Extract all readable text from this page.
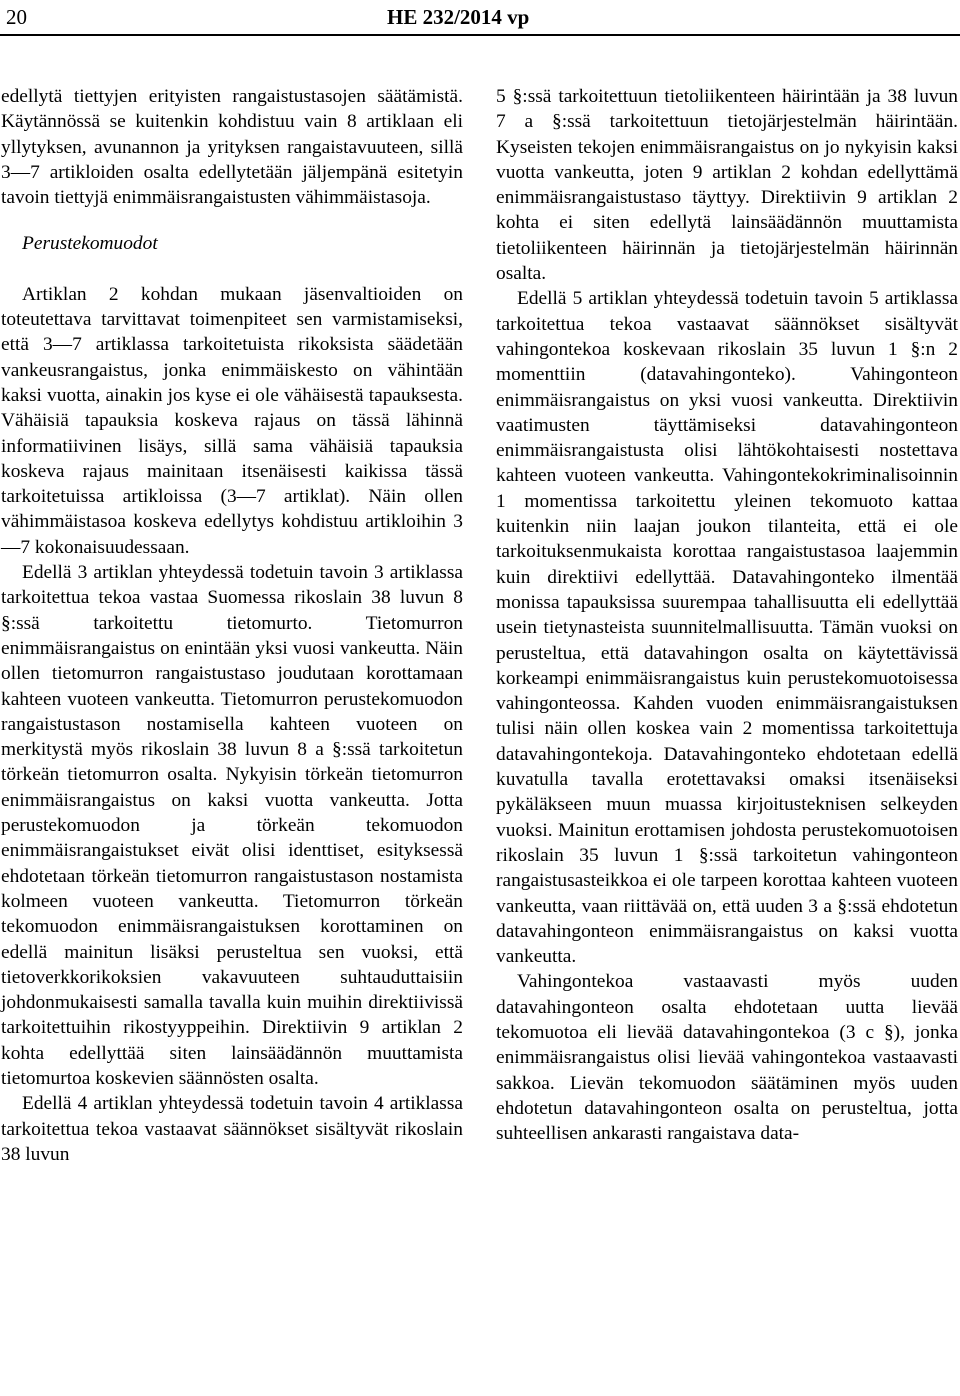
20	HE 232/2014 vp

edellytä tiettyjen erityisten rangaistustasojen säätämistä. Käytännössä se kuitenkin kohdistuu vain 8 artiklaan eli yllytyksen, avunannon ja yrityksen rangaistavuuteen, sillä 3—7 artikloiden osalta edellytetään jäljempänä esitetyin tavoin tiettyjä enimmäisrangaistusten vähimmäistasoja.

Perustekomuodot

Artiklan 2 kohdan mukaan jäsenvaltioiden on toteutettava tarvittavat toimenpiteet sen varmistamiseksi, että 3—7 artiklassa tarkoitetuista rikoksista säädetään vankeusrangaistus, jonka enimmäiskesto on vähintään kaksi vuotta, ainakin jos kyse ei ole vähäisestä tapauksesta. Vähäisiä tapauksia koskeva rajaus on tässä lähinnä informatiivinen lisäys, sillä sama vähäisiä tapauksia koskeva rajaus mainitaan itsenäisesti kaikissa tässä tarkoitetuissa artikloissa (3—7 artiklat). Näin ollen vähimmäistasoa koskeva edellytys kohdistuu artikloihin 3—7 kokonaisuudessaan.

Edellä 3 artiklan yhteydessä todetuin tavoin 3 artiklassa tarkoitettua tekoa vastaa Suomessa rikoslain 38 luvun 8 §:ssä tarkoitettu tietomurto. Tietomurron enimmäisrangaistus on enintään yksi vuosi vankeutta. Näin ollen tietomurron rangaistustaso joudutaan korottamaan kahteen vuoteen vankeutta. Tietomurron perustekomuodon rangaistustason nostamisella kahteen vuoteen on merkitystä myös rikoslain 38 luvun 8 a §:ssä tarkoitetun törkeän tietomurron osalta. Nykyisin törkeän tietomurron enimmäisrangaistus on kaksi vuotta vankeutta. Jotta perustekomuodon ja törkeän tekomuodon enimmäisrangaistukset eivät olisi identtiset, esityksessä ehdotetaan törkeän tietomurron rangaistustason nostamista kolmeen vuoteen vankeutta. Tietomurron törkeän tekomuodon enimmäisrangaistuksen korottaminen on edellä mainitun lisäksi perusteltua sen vuoksi, että tietoverkkorikoksien vakavuuteen suhtauduttaisiin johdonmukaisesti samalla tavalla kuin muihin direktiivissä tarkoitettuihin rikostyyppeihin. Direktiivin 9 artiklan 2 kohta edellyttää siten lainsäädännön muuttamista tietomurtoa koskevien säännösten osalta.

Edellä 4 artiklan yhteydessä todetuin tavoin 4 artiklassa tarkoitettua tekoa vastaavat säännökset sisältyvät rikoslain 38 luvun

5 §:ssä tarkoitettuun tietoliikenteen häirintään ja 38 luvun 7 a §:ssä tarkoitettuun tietojärjestelmän häirintään. Kyseisten tekojen enimmäisrangaistus on jo nykyisin kaksi vuotta vankeutta, joten 9 artiklan 2 kohdan edellyttämä enimmäisrangaistustaso täyttyy. Direktiivin 9 artiklan 2 kohta ei siten edellytä lainsäädännön muuttamista tietoliikenteen häirinnän ja tietojärjestelmän häirinnän osalta.

Edellä 5 artiklan yhteydessä todetuin tavoin 5 artiklassa tarkoitettua tekoa vastaavat säännökset sisältyvät vahingontekoa koskevaan rikoslain 35 luvun 1 §:n 2 momenttiin (datavahingonteko). Vahingonteon enimmäisrangaistus on yksi vuosi vankeutta. Direktiivin vaatimusten täyttämiseksi datavahingonteon enimmäisrangaistusta olisi lähtökohtaisesti nostettava kahteen vuoteen vankeutta. Vahingontekokriminalisoinnin 1 momentissa tarkoitettu yleinen tekomuoto kattaa kuitenkin niin laajan joukon tilanteita, että ei ole tarkoituksenmukaista korottaa rangaistustasoa laajemmin kuin direktiivi edellyttää. Datavahingonteko ilmentää monissa tapauksissa suurempaa tahallisuutta eli edellyttää usein tietynasteista suunnitelmallisuutta. Tämän vuoksi on perusteltua, että datavahingon osalta on käytettävissä korkeampi enimmäisrangaistus kuin perustekomuotoisessa vahingonteossa. Kahden vuoden enimmäisrangaistuksen tulisi näin ollen koskea vain 2 momentissa tarkoitettuja datavahingontekoja. Datavahingonteko ehdotetaan edellä kuvatulla tavalla erotettavaksi omaksi itsenäiseksi pykäläkseen muun muassa kirjoitusteknisen selkeyden vuoksi. Mainitun erottamisen johdosta perustekomuotoisen rikoslain 35 luvun 1 §:ssä tarkoitetun vahingonteon rangaistusasteikkoa ei ole tarpeen korottaa kahteen vuoteen vankeutta, vaan riittävää on, että uuden 3 a §:ssä ehdotetun datavahingonteon enimmäisrangaistus on kaksi vuotta vankeutta.

Vahingontekoa vastaavasti myös uuden datavahingonteon osalta ehdotetaan uutta lievää tekomuotoa eli lievää datavahingontekoa (3 c §), jonka enimmäisrangaistus olisi lievää vahingontekoa vastaavasti sakkoa. Lievän tekomuodon säätäminen myös uuden ehdotetun datavahingonteon osalta on perusteltua, jotta suhteellisen ankarasti rangaistava data-
